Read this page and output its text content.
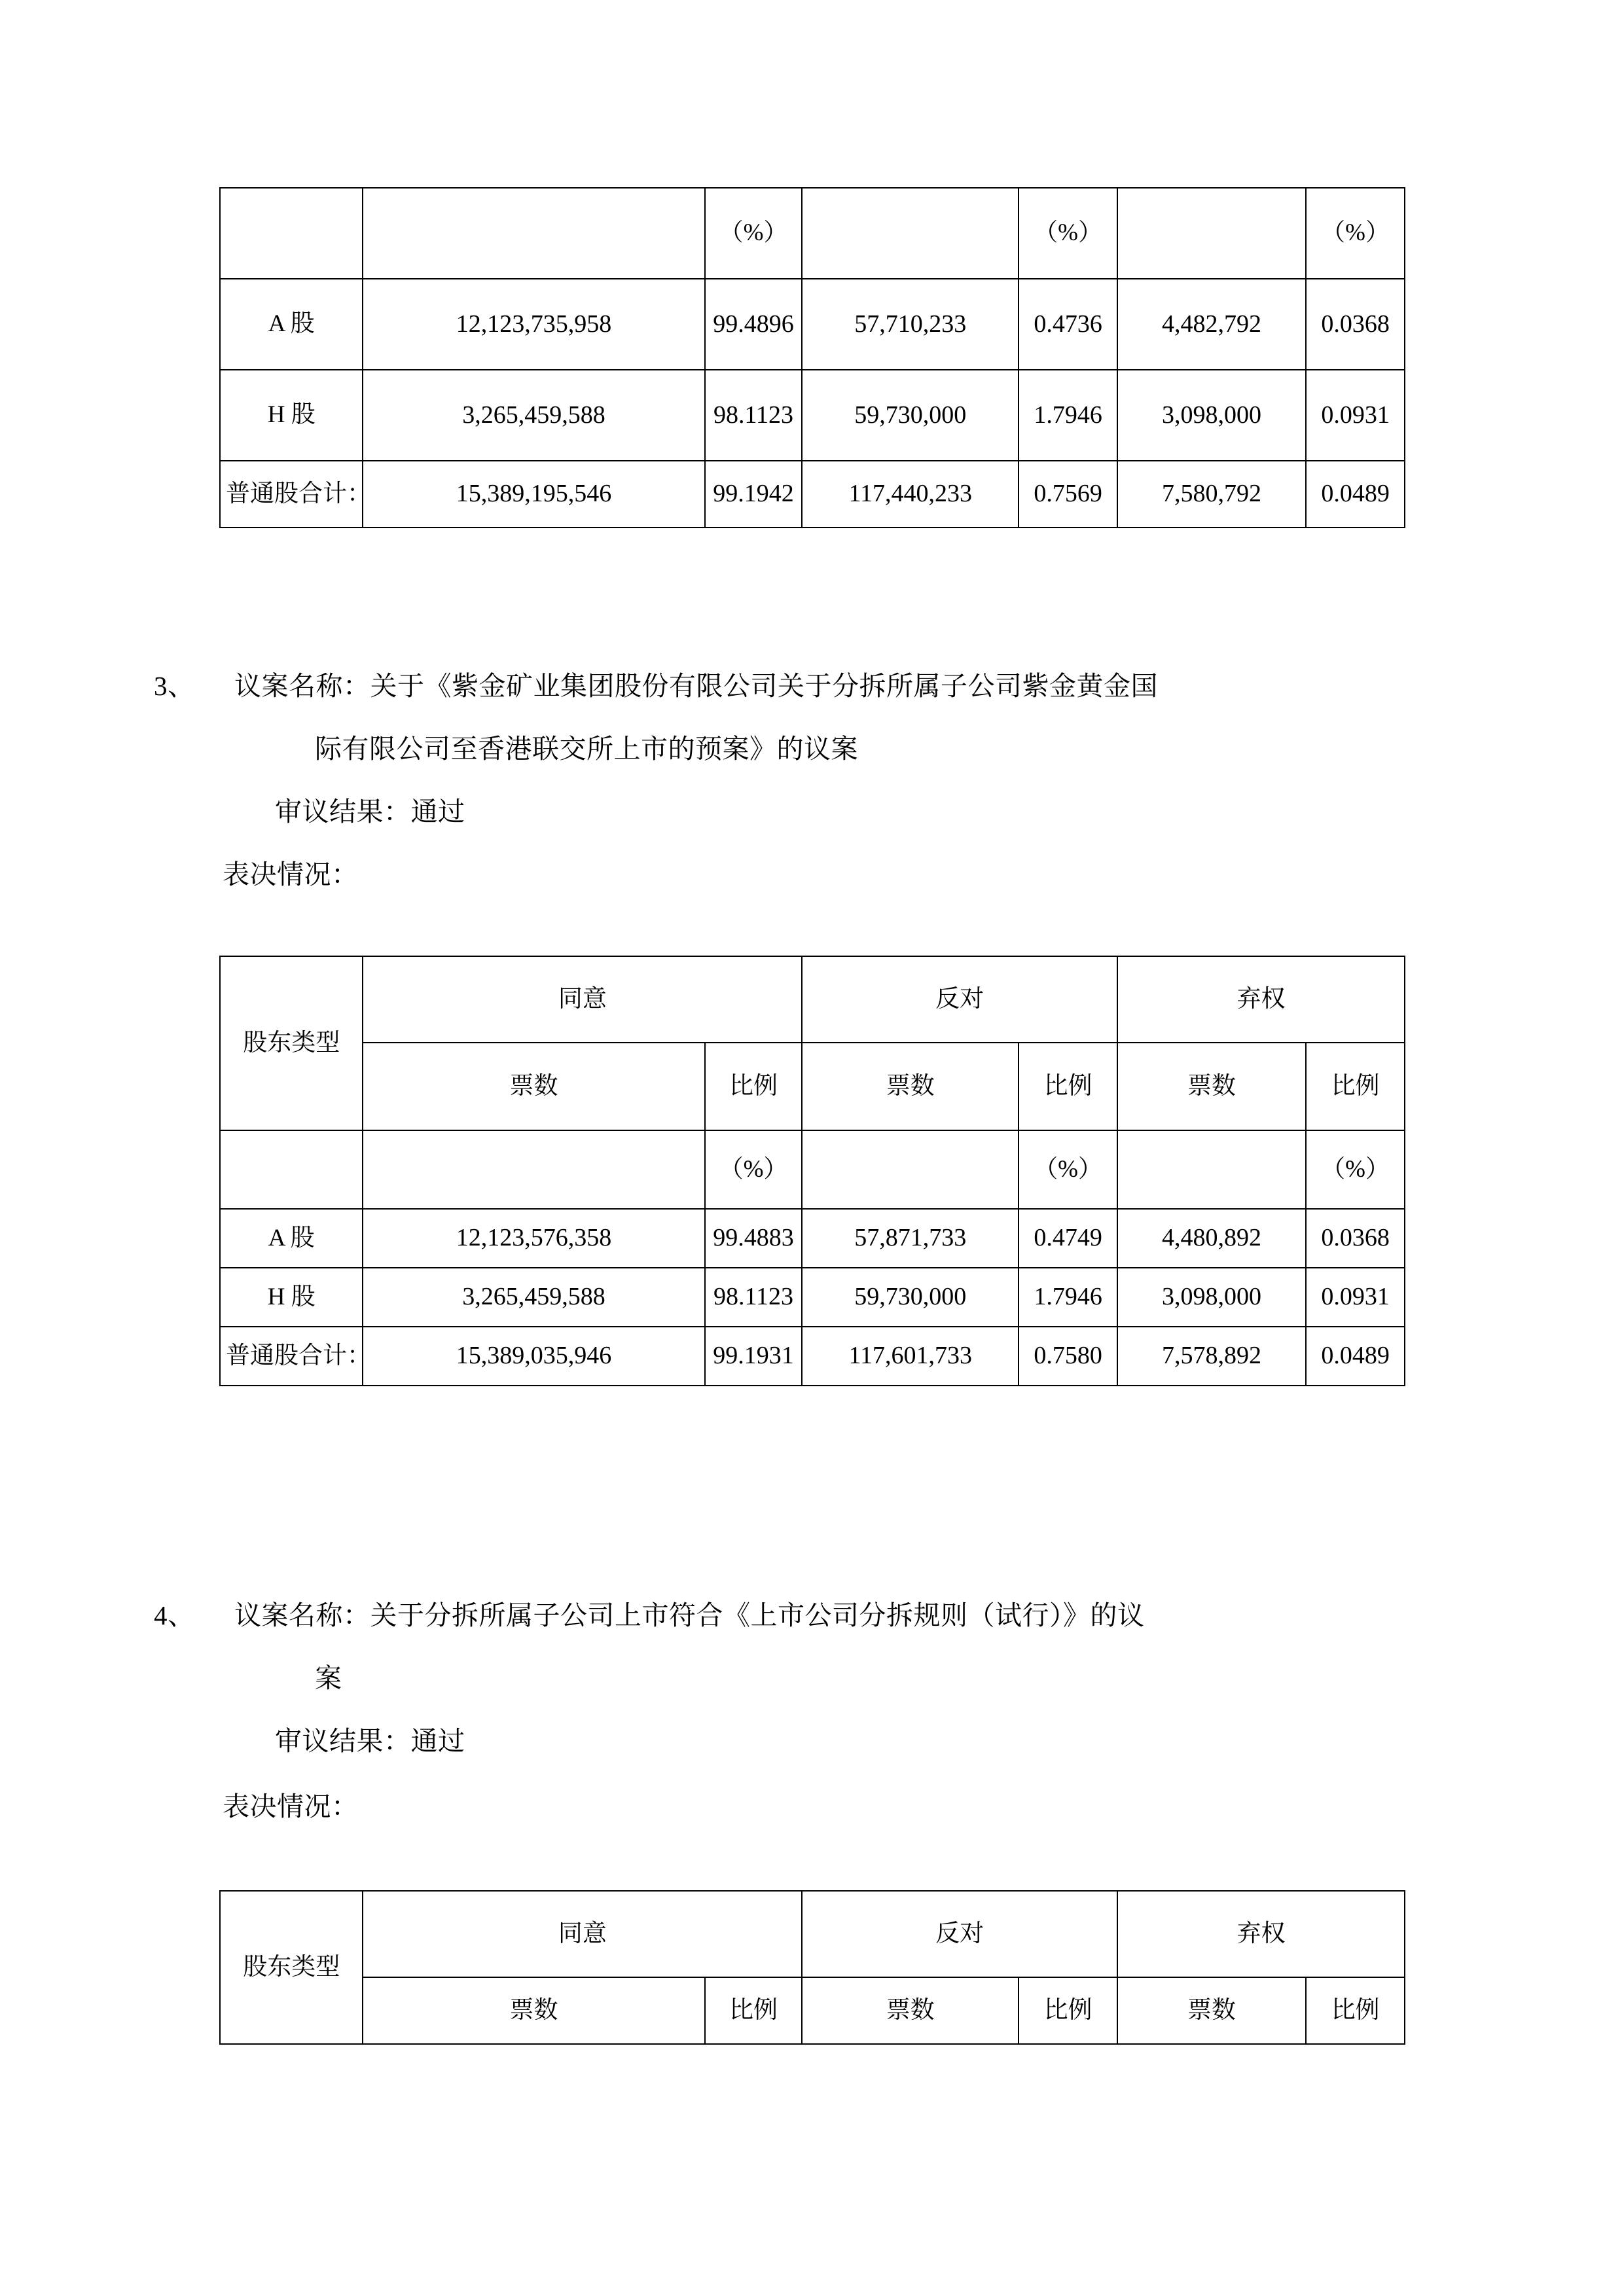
		（%）		（%）		（%）
A 股	12,123,735,958	99.4896	57,710,233	0.4736	4,482,792	0.0368
H 股	3,265,459,588	98.1123	59,730,000	1.7946	3,098,000	0.0931
普通股合计：	15,389,195,546	99.1942	117,440,233	0.7569	7,580,792	0.0489
3、 议案名称：关于《紫金矿业集团股份有限公司关于分拆所属子公司紫金黄金国
际有限公司至香港联交所上市的预案》的议案
审议结果：通过
表决情况：
股东类型	同意		反对		弃权	
	票数	比例	票数	比例	票数	比例
		（%）		（%）		（%）
A 股	12,123,576,358	99.4883	57,871,733	0.4749	4,480,892	0.0368
H 股	3,265,459,588	98.1123	59,730,000	1.7946	3,098,000	0.0931
普通股合计：	15,389,035,946	99.1931	117,601,733	0.7580	7,578,892	0.0489
4、 议案名称：关于分拆所属子公司上市符合《上市公司分拆规则（试行）》的议
案
审议结果：通过
表决情况：
股东类型	同意		反对		弃权	
	票数	比例	票数	比例	票数	比例
